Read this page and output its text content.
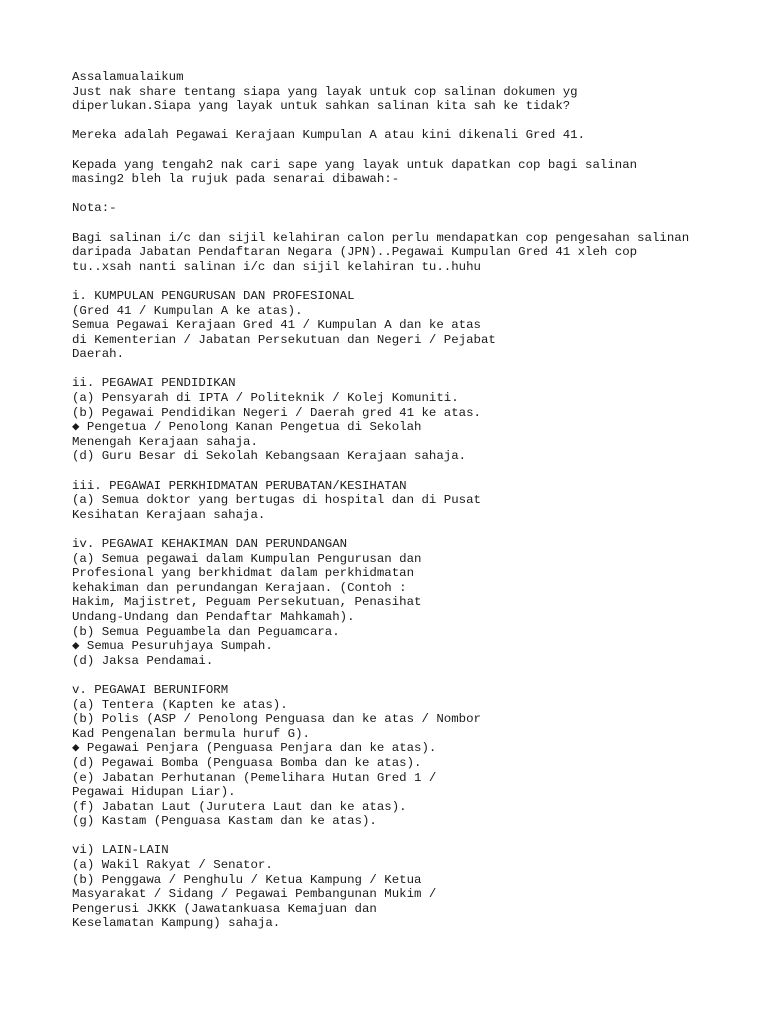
Assalamualaikum
Just nak share tentang siapa yang layak untuk cop salinan dokumen yg
diperlukan.Siapa yang layak untuk sahkan salinan kita sah ke tidak?
Mereka adalah Pegawai Kerajaan Kumpulan A atau kini dikenali Gred 41.
Kepada yang tengah2 nak cari sape yang layak untuk dapatkan cop bagi salinan
masing2 bleh la rujuk pada senarai dibawah:-
Nota:-
Bagi salinan i/c dan sijil kelahiran calon perlu mendapatkan cop pengesahan salinan
daripada Jabatan Pendaftaran Negara (JPN)..Pegawai Kumpulan Gred 41 xleh cop
tu..xsah nanti salinan i/c dan sijil kelahiran tu..huhu
i. KUMPULAN PENGURUSAN DAN PROFESIONAL
(Gred 41 / Kumpulan A ke atas).
Semua Pegawai Kerajaan Gred 41 / Kumpulan A dan ke atas
di Kementerian / Jabatan Persekutuan dan Negeri / Pejabat
Daerah.
ii. PEGAWAI PENDIDIKAN
(a) Pensyarah di IPTA / Politeknik / Kolej Komuniti.
(b) Pegawai Pendidikan Negeri / Daerah gred 41 ke atas.
◆ Pengetua / Penolong Kanan Pengetua di Sekolah
Menengah Kerajaan sahaja.
(d) Guru Besar di Sekolah Kebangsaan Kerajaan sahaja.
iii. PEGAWAI PERKHIDMATAN PERUBATAN/KESIHATAN
(a) Semua doktor yang bertugas di hospital dan di Pusat
Kesihatan Kerajaan sahaja.
iv. PEGAWAI KEHAKIMAN DAN PERUNDANGAN
(a) Semua pegawai dalam Kumpulan Pengurusan dan
Profesional yang berkhidmat dalam perkhidmatan
kehakiman dan perundangan Kerajaan. (Contoh :
Hakim, Majistret, Peguam Persekutuan, Penasihat
Undang-Undang dan Pendaftar Mahkamah).
(b) Semua Peguambela dan Peguamcara.
◆ Semua Pesuruhjaya Sumpah.
(d) Jaksa Pendamai.
v. PEGAWAI BERUNIFORM
(a) Tentera (Kapten ke atas).
(b) Polis (ASP / Penolong Penguasa dan ke atas / Nombor
Kad Pengenalan bermula huruf G).
◆ Pegawai Penjara (Penguasa Penjara dan ke atas).
(d) Pegawai Bomba (Penguasa Bomba dan ke atas).
(e) Jabatan Perhutanan (Pemelihara Hutan Gred 1 /
Pegawai Hidupan Liar).
(f) Jabatan Laut (Jurutera Laut dan ke atas).
(g) Kastam (Penguasa Kastam dan ke atas).
vi) LAIN-LAIN
(a) Wakil Rakyat / Senator.
(b) Penggawa / Penghulu / Ketua Kampung / Ketua
Masyarakat / Sidang / Pegawai Pembangunan Mukim /
Pengerusi JKKK (Jawatankuasa Kemajuan dan
Keselamatan Kampung) sahaja.
